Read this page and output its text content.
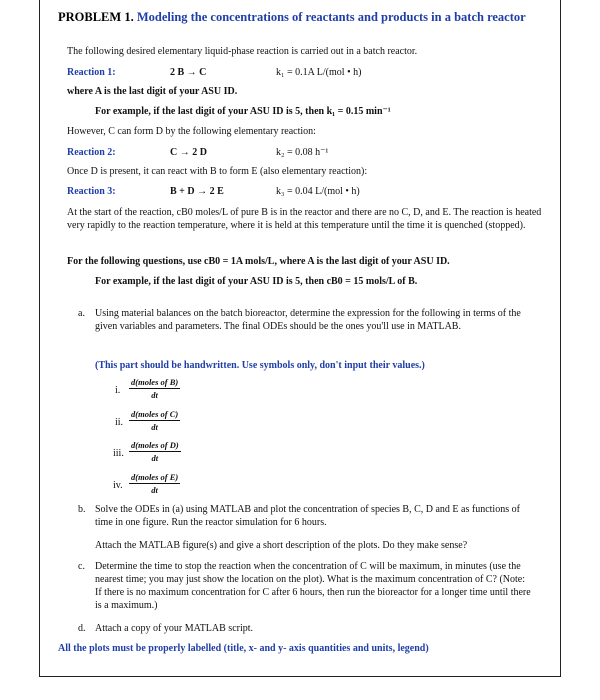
PROBLEM 1. Modeling the concentrations of reactants and products in a batch reactor
The following desired elementary liquid-phase reaction is carried out in a batch reactor.
Reaction 1:	2 B → C	k₁ = 0.1A L/(mol • h)
where A is the last digit of your ASU ID.
For example, if the last digit of your ASU ID is 5, then k₁ = 0.15 min⁻¹
However, C can form D by the following elementary reaction:
Reaction 2:	C → 2 D	k₂ = 0.08 h⁻¹
Once D is present, it can react with B to form E (also elementary reaction):
Reaction 3:	B + D → 2 E	k₃ = 0.04 L/(mol • h)
At the start of the reaction, cB0 moles/L of pure B is in the reactor and there are no C, D, and E. The reaction is heated very rapidly to the reaction temperature, where it is held at this temperature until the time it is quenched (stopped).
For the following questions, use cB0 = 1A mols/L, where A is the last digit of your ASU ID.
For example, if the last digit of your ASU ID is 5, then cB0 = 15 mols/L of B.
a. Using material balances on the batch bioreactor, determine the expression for the following in terms of the given variables and parameters. The final ODEs should be the ones you'll use in MATLAB.
(This part should be handwritten. Use symbols only, don't input their values.)
i.
d(moles of B)
dt
ii.
d(moles of C)
dt
iii.
d(moles of D)
dt
iv.
d(moles of E)
dt
b. Solve the ODEs in (a) using MATLAB and plot the concentration of species B, C, D and E as functions of time in one figure. Run the reactor simulation for 6 hours.
Attach the MATLAB figure(s) and give a short description of the plots. Do they make sense?
c. Determine the time to stop the reaction when the concentration of C will be maximum, in minutes (use the nearest time; you may just show the location on the plot). What is the maximum concentration of C? (Note: If there is no maximum concentration for C after 6 hours, then run the bioreactor for a longer time until there is a maximum.)
d. Attach a copy of your MATLAB script.
All the plots must be properly labelled (title, x- and y- axis quantities and units, legend)
